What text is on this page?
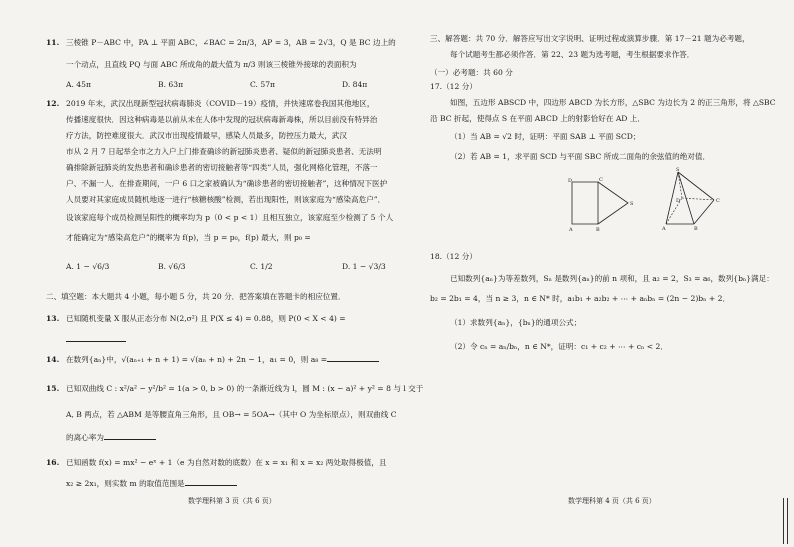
11. 三棱锥 P－ABC 中，PA ⊥ 平面 ABC，∠BAC = 2π/3，AP = 3，AB = 2√3，Q 是 BC 边上的
一个动点，且直线 PQ 与面 ABC 所成角的最大值为 π/3 则该三棱锥外接球的表面积为
A. 45π	B. 63π	C. 57π	D. 84π
12. 2019 年末，武汉出现新型冠状病毒肺炎（COVID－19）疫情，并快速席卷我国其他地区，
传播速度很快．因这种病毒是以前从未在人体中发现的冠状病毒新毒株，所以目前没有特异治
疗方法，防控难度很大．武汉市出现疫情最早，感染人员最多，防控压力最大，武汉
市从 2 月 7 日起举全市之力入户上门排查确诊的新冠肺炎患者、疑似的新冠肺炎患者、无法明
确排除新冠肺炎的发热患者和确诊患者的密切接触者等“四类”人员，强化网格化管理，不落一
户、不漏一人．在排查期间，一户 6 口之家被确认为“确诊患者的密切接触者”，这种情况下医护
人员要对其家庭成员随机地逐一进行“核糖核酸”检测，若出现阳性，则该家庭为“感染高危户”．
设该家庭每个成员检测呈阳性的概率均为 p（0 < p < 1）且相互独立，该家庭至少检测了 5 个人
才能确定为“感染高危户”的概率为 f(p)，当 p = p₀，f(p) 最大，则 p₀ =
A. 1 − √6/3	B. √6/3	C. 1/2	D. 1 − √3/3
二、填空题：本大题共 4 小题，每小题 5 分，共 20 分．把答案填在答题卡的相应位置．
13. 已知随机变量 X 服从正态分布 N(2,σ²) 且 P(X ≤ 4) = 0.88，则 P(0 < X < 4) =
14. 在数列{aₙ}中，√(aₙ₊₁ + n + 1) = √(aₙ + n) + 2n − 1，a₁ = 0，则 a₈ =
15. 已知双曲线 C : x²/a² − y²/b² = 1(a > 0, b > 0) 的一条渐近线为 l，圆 M : (x − a)² + y² = 8 与 l 交于
A, B 两点，若 △ABM 是等腰直角三角形，且 OB→ = 5OA→（其中 O 为坐标原点），则双曲线 C
的离心率为
16. 已知函数 f(x) = mx² − eˣ + 1（e 为自然对数的底数）在 x = x₁ 和 x = x₂ 两处取得极值，且
x₂ ≥ 2x₁，则实数 m 的取值范围是
数学理科第 3 页（共 6 页）
三、解答题：共 70 分．解答应写出文字说明、证明过程或演算步骤．第 17－21 题为必考题，
每个试题考生都必须作答．第 22、23 题为选考题，考生根据要求作答．
（一）必考题：共 60 分
17.（12 分）
如图，五边形 ABSCD 中，四边形 ABCD 为长方形，△SBC 为边长为 2 的正三角形，将 △SBC
沿 BC 折起，使得点 S 在平面 ABCD 上的射影恰好在 AD 上．
（1）当 AB = √2 时，证明：平面 SAB ⊥ 平面 SCD；
（2）若 AB = 1，求平面 SCD 与平面 SBC 所成二面角的余弦值的绝对值．
18.（12 分）
已知数列{aₙ}为等差数列，Sₙ 是数列{aₙ}的前 n 项和，且 a₂ = 2，S₃ = a₆，数列{bₙ}满足：
b₂ = 2b₁ = 4，当 n ≥ 3，n ∈ N* 时，a₁b₁ + a₂b₂ + ⋯ + aₙbₙ = (2n − 2)bₙ + 2．
（1）求数列{aₙ}，{bₙ}的通项公式；
（2）令 cₙ = aₙ/bₙ，n ∈ N*，证明：c₁ + c₂ + ⋯ + cₙ < 2．
D	C
S
A	B
S
D	C
A	B
数学理科第 4 页（共 6 页）
